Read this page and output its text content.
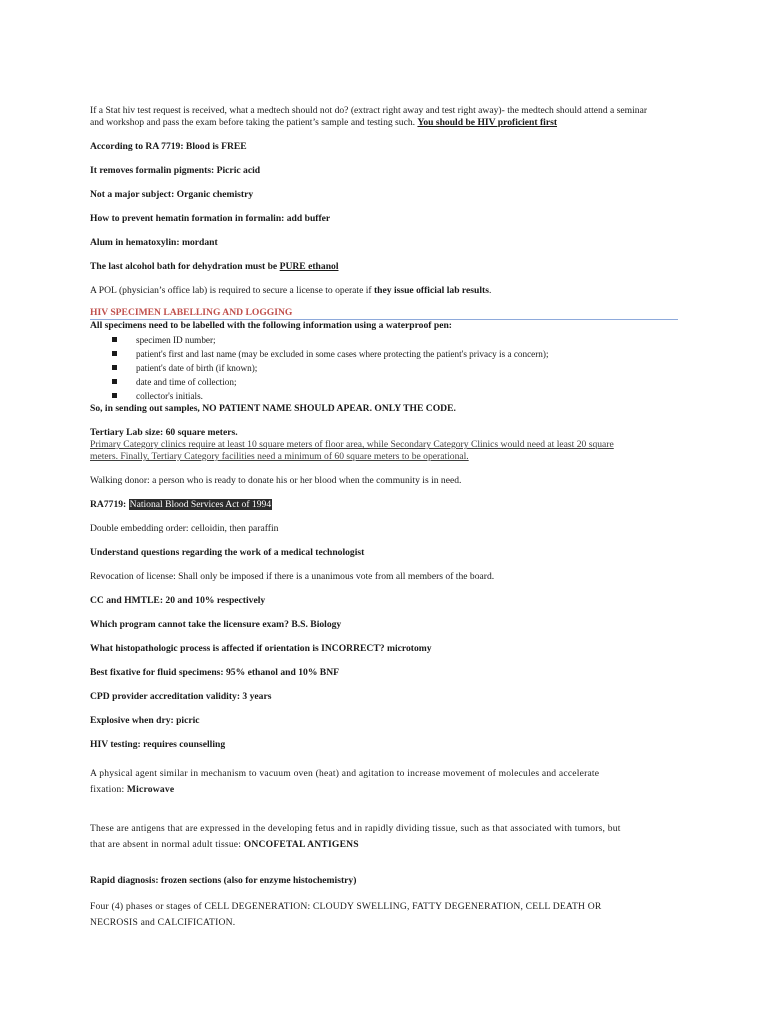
If a Stat hiv test request is received, what a medtech should not do? (extract right away and test right away)- the medtech should attend a seminar
and workshop and pass the exam before taking the patient’s sample and testing such. You should be HIV proficient first
According to RA 7719: Blood is FREE
It removes formalin pigments: Picric acid
Not a major subject: Organic chemistry
How to prevent hematin formation in formalin: add buffer
Alum in hematoxylin: mordant
The last alcohol bath for dehydration must be PURE ethanol
A POL (physician’s office lab) is required to secure a license to operate if they issue official lab results.
HIV SPECIMEN LABELLING AND LOGGING
All specimens need to be labelled with the following information using a waterproof pen:
specimen ID number;
patient's first and last name (may be excluded in some cases where protecting the patient's privacy is a concern);
patient's date of birth (if known);
date and time of collection;
collector's initials.
So, in sending out samples, NO PATIENT NAME SHOULD APEAR. ONLY THE CODE.
Tertiary Lab size: 60 square meters.
Primary Category clinics require at least 10 square meters of floor area, while Secondary Category Clinics would need at least 20 square
meters. Finally, Tertiary Category facilities need a minimum of 60 square meters to be operational.
Walking donor: a person who is ready to donate his or her blood when the community is in need.
RA7719: National Blood Services Act of 1994
Double embedding order: celloidin, then paraffin
Understand questions regarding the work of a medical technologist
Revocation of license: Shall only be imposed if there is a unanimous vote from all members of the board.
CC and HMTLE: 20 and 10% respectively
Which program cannot take the licensure exam? B.S. Biology
What histopathologic process is affected if orientation is INCORRECT? microtomy
Best fixative for fluid specimens: 95% ethanol and 10% BNF
CPD provider accreditation validity: 3 years
Explosive when dry: picric
HIV testing: requires counselling
A physical agent similar in mechanism to vacuum oven (heat) and agitation to increase movement of molecules and accelerate
fixation: Microwave
These are antigens that are expressed in the developing fetus and in rapidly dividing tissue, such as that associated with tumors, but
that are absent in normal adult tissue: ONCOFETAL ANTIGENS
Rapid diagnosis: frozen sections (also for enzyme histochemistry)
Four (4) phases or stages of CELL DEGENERATION: CLOUDY SWELLING, FATTY DEGENERATION, CELL DEATH OR
NECROSIS and CALCIFICATION.
